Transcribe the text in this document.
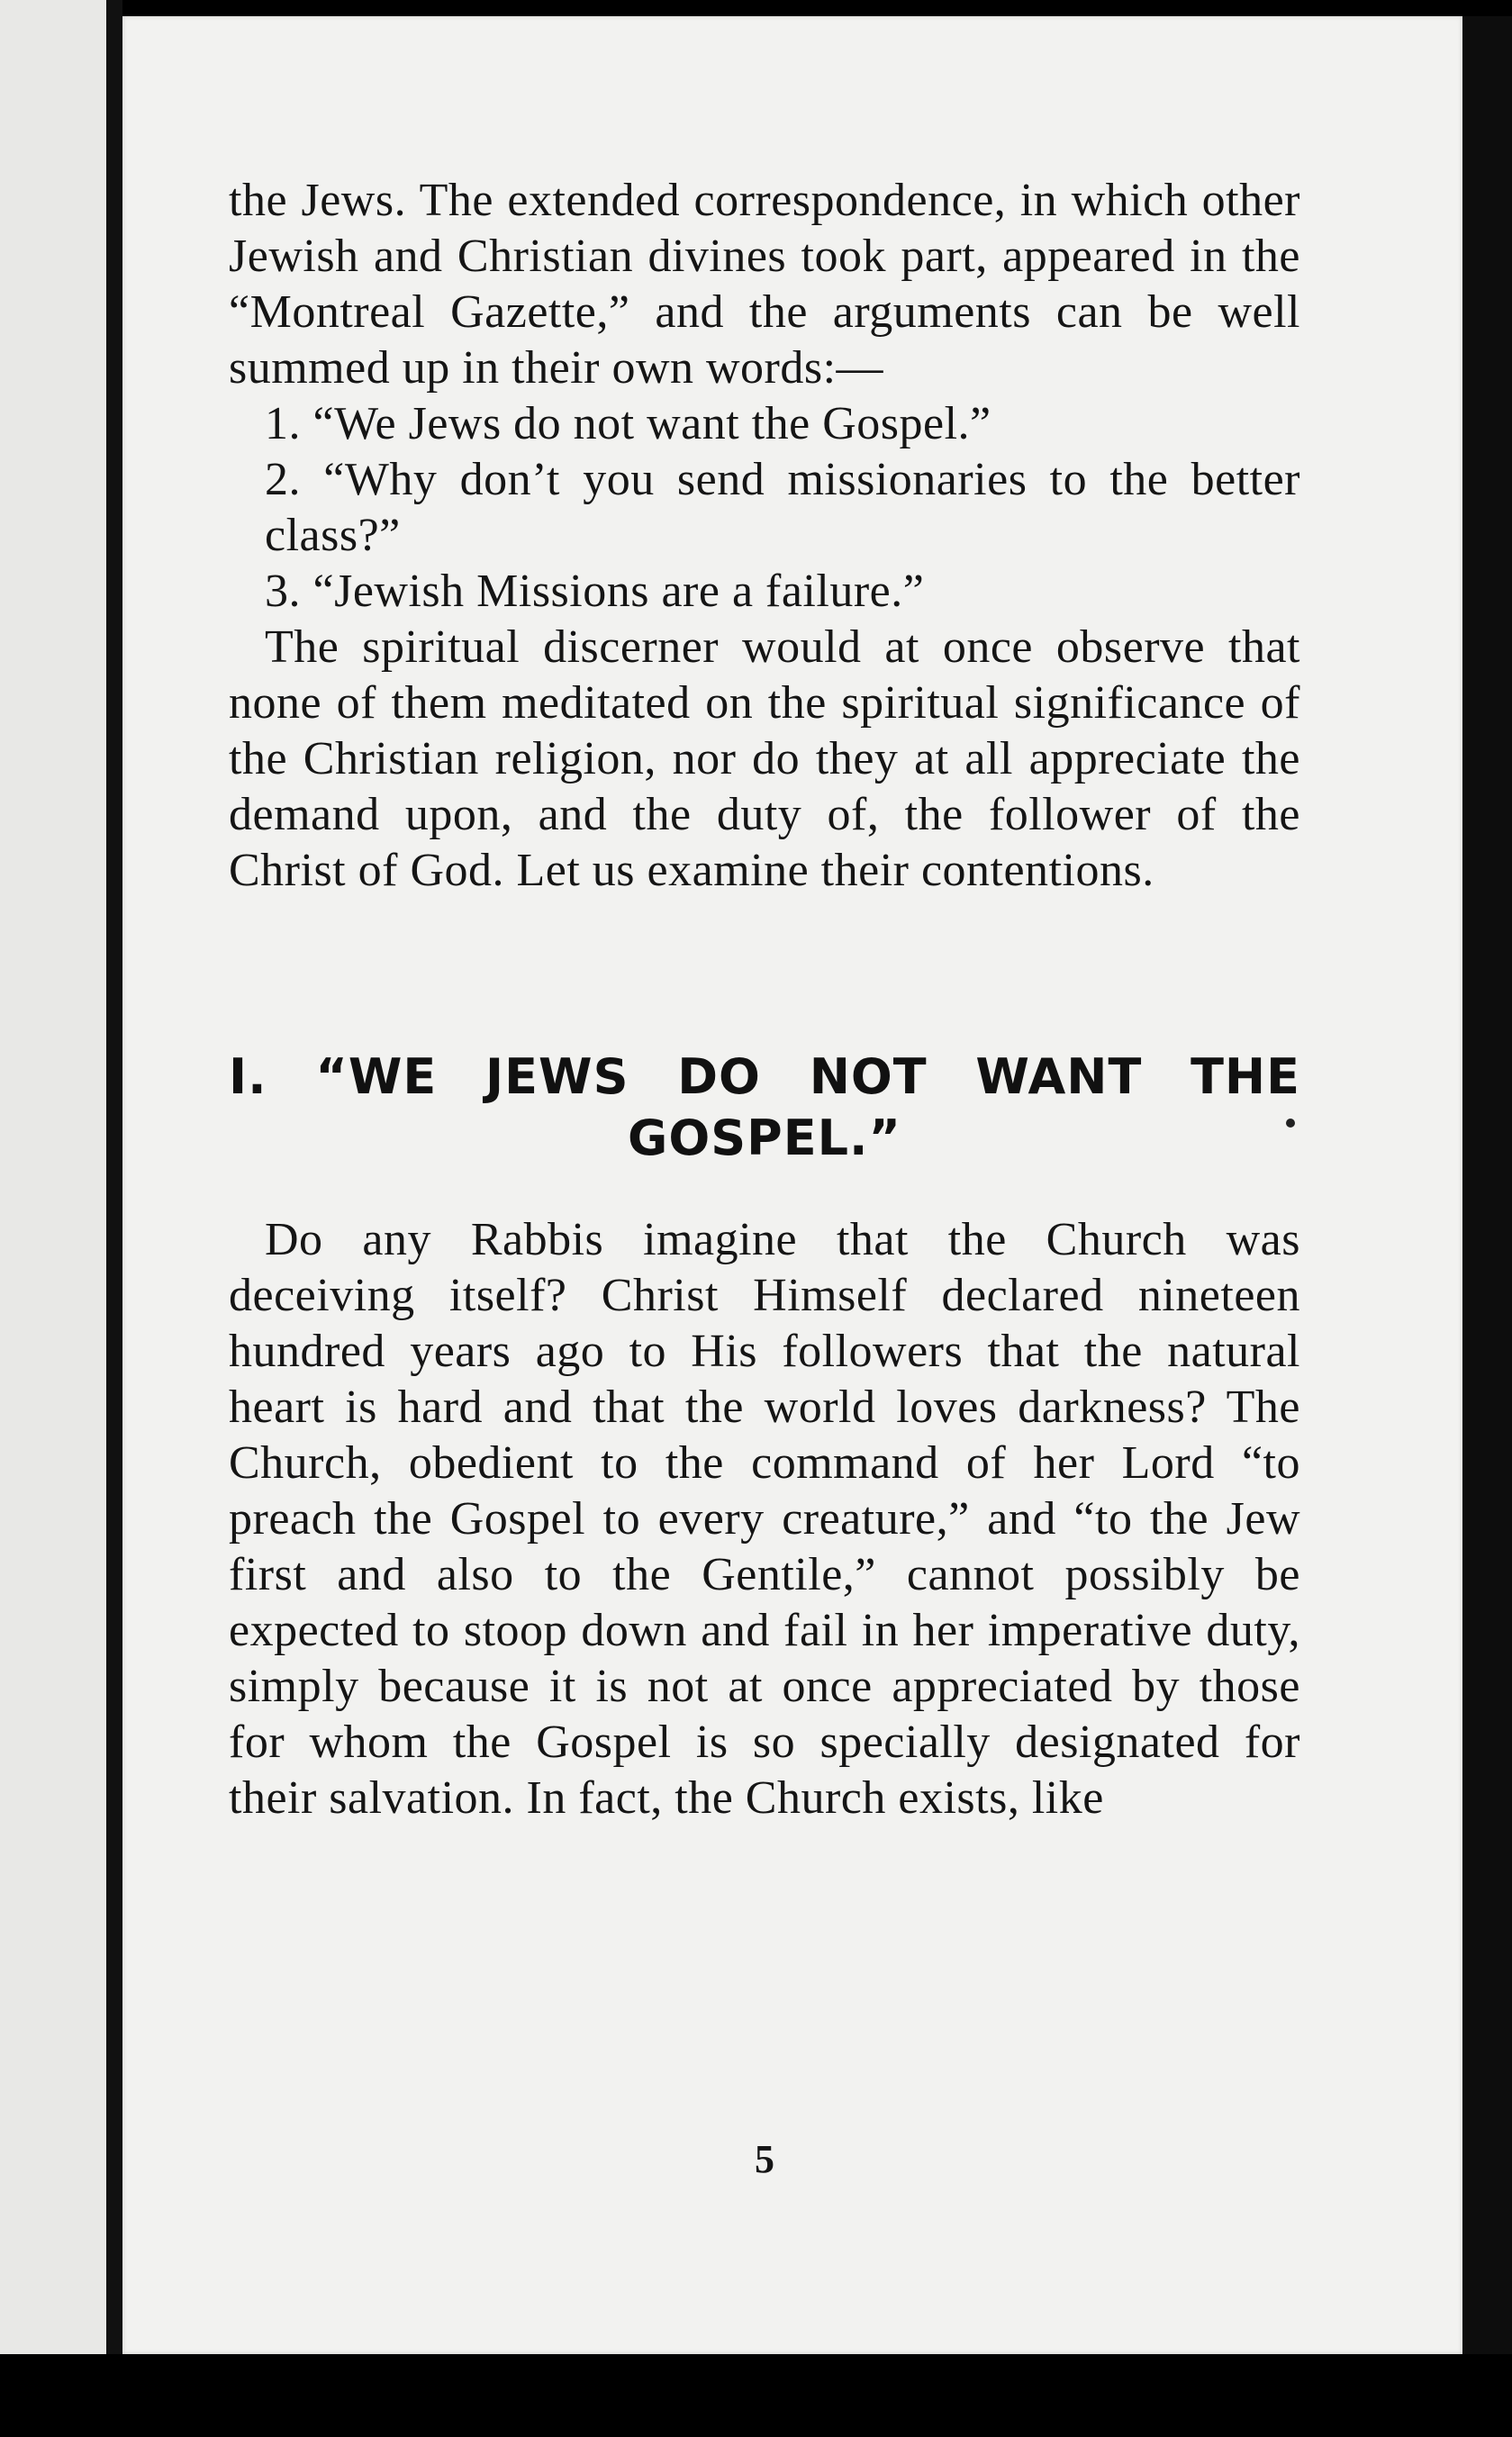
the Jews. The extended correspondence, in which other Jewish and Christian divines took part, appeared in the “Montreal Gazette,” and the arguments can be well summed up in their own words:—

1. “We Jews do not want the Gospel.”

2. “Why don’t you send missionaries to the better class?”

3. “Jewish Missions are a failure.”

The spiritual discerner would at once observe that none of them meditated on the spiritual significance of the Christian religion, nor do they at all appreciate the demand upon, and the duty of, the follower of the Christ of God. Let us examine their contentions.

I. “WE JEWS DO NOT WANT THE
GOSPEL.”

Do any Rabbis imagine that the Church was deceiving itself? Christ Himself declared nineteen hundred years ago to His followers that the natural heart is hard and that the world loves darkness? The Church, obedient to the command of her Lord “to preach the Gospel to every creature,” and “to the Jew first and also to the Gentile,” cannot possibly be expected to stoop down and fail in her imperative duty, simply because it is not at once appreciated by those for whom the Gospel is so specially designated for their salvation. In fact, the Church exists, like

5
